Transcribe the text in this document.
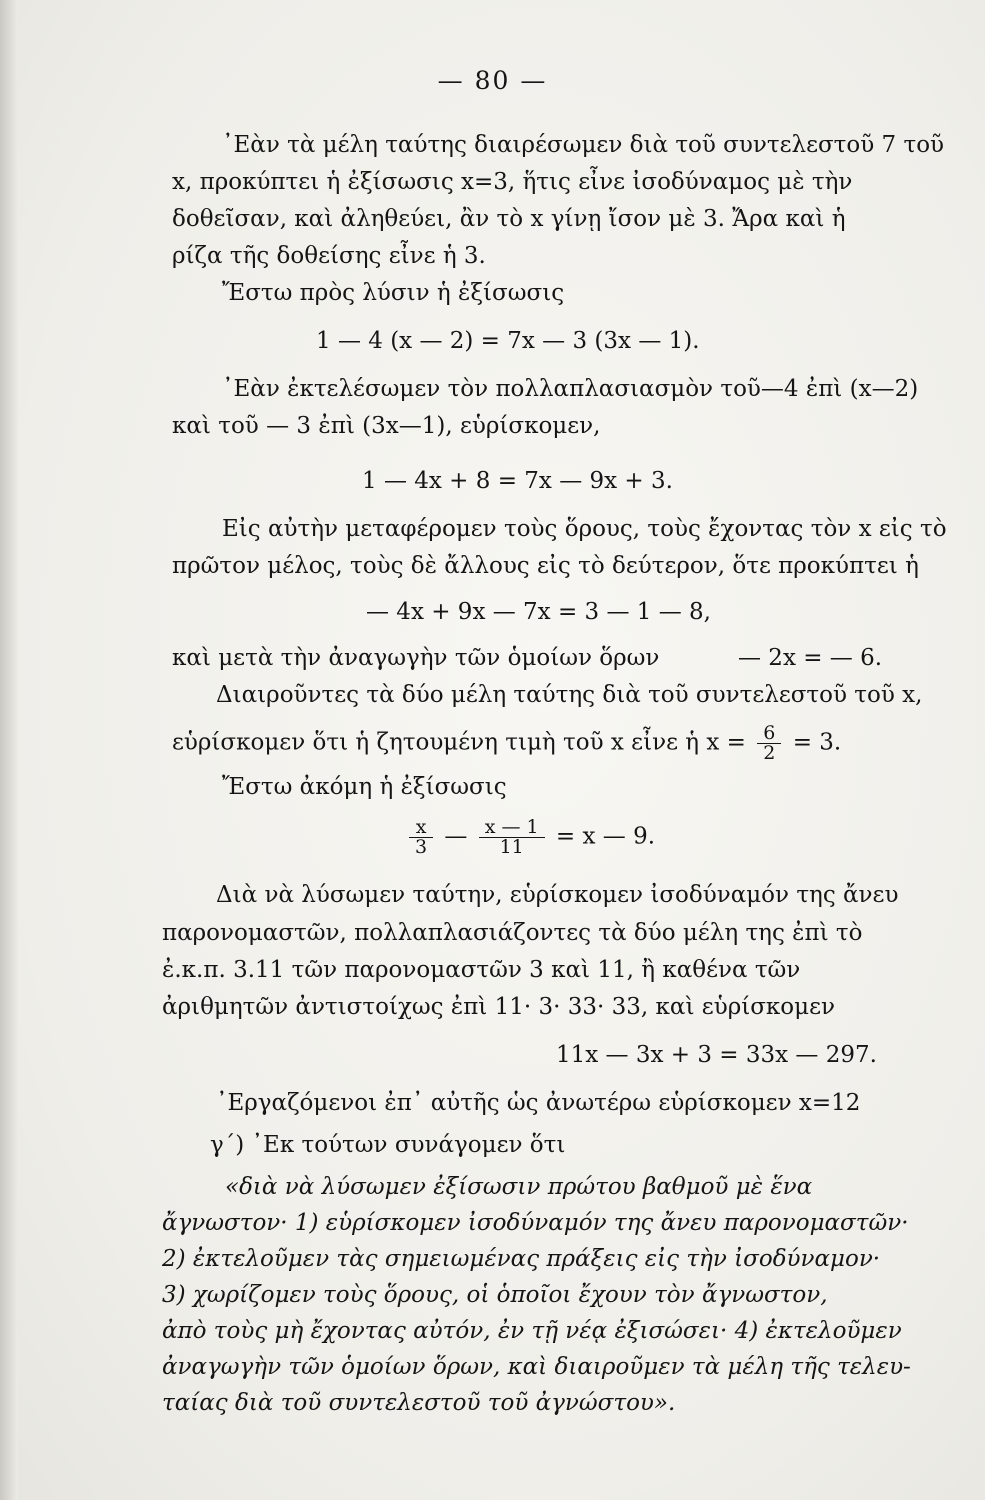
— 80 —
᾿Εὰν τὰ μέλη ταύτης διαιρέσωμεν διὰ τοῦ συντελεστοῦ 7 τοῦ
x, προκύπτει ἡ ἐξίσωσις x=3, ἥτις εἶνε ἰσοδύναμος μὲ τὴν
δοθεῖσαν, καὶ ἀληθεύει, ἂν τὸ x γίνῃ ἴσον μὲ 3. Ἄρα καὶ ἡ
ρίζα τῆς δοθείσης εἶνε ἡ 3.
Ἔστω πρὸς λύσιν ἡ ἐξίσωσις
1 — 4 (x — 2) = 7x — 3 (3x — 1).
᾿Εὰν ἐκτελέσωμεν τὸν πολλαπλασιασμὸν τοῦ—4 ἐπὶ (x—2)
καὶ τοῦ — 3 ἐπὶ (3x—1), εὑρίσκομεν,
1 — 4x + 8 = 7x — 9x + 3.
Εἰς αὐτὴν μεταφέρομεν τοὺς ὅρους, τοὺς ἔχοντας τὸν x εἰς τὸ
πρῶτον μέλος, τοὺς δὲ ἄλλους εἰς τὸ δεύτερον, ὅτε προκύπτει ἡ
— 4x + 9x — 7x = 3 — 1 — 8,
καὶ μετὰ τὴν ἀναγωγὴν τῶν ὁμοίων ὅρων	— 2x = — 6.
Διαιροῦντες τὰ δύο μέλη ταύτης διὰ τοῦ συντελεστοῦ τοῦ x,
εὑρίσκομεν ὅτι ἡ ζητουμένη τιμὴ τοῦ x εἶνε ἡ $x = \frac{6}{2} = 3$.
Ἔστω ἀκόμη ἡ ἐξίσωσις
$\frac{x}{3}$ — $\frac{x — 1}{11} = x$ — 9.
Διὰ νὰ λύσωμεν ταύτην, εὑρίσκομεν ἰσοδύναμόν της ἄνευ
παρονομαστῶν, πολλαπλασιάζοντες τὰ δύο μέλη της ἐπὶ τὸ
ἐ.κ.π. 3.11 τῶν παρονομαστῶν 3 καὶ 11, ἢ καθένα τῶν
ἀριθμητῶν ἀντιστοίχως ἐπὶ 11· 3· 33· 33, καὶ εὑρίσκομεν
11x — 3x + 3 = 33x — 297.
᾿Εργαζόμενοι ἐπ᾿ αὐτῆς ὡς ἀνωτέρω εὑρίσκομεν x=12
γ´) ᾿Εκ τούτων συνάγομεν ὅτι
«διὰ νὰ λύσωμεν ἐξίσωσιν πρώτου βαθμοῦ μὲ ἕνα
ἄγνωστον· 1) εὑρίσκομεν ἰσοδύναμόν της ἄνευ παρονομαστῶν·
2) ἐκτελοῦμεν τὰς σημειωμένας πράξεις εἰς τὴν ἰσοδύναμον·
3) χωρίζομεν τοὺς ὅρους, οἱ ὁποῖοι ἔχουν τὸν ἄγνωστον,
ἀπὸ τοὺς μὴ ἔχοντας αὐτόν, ἐν τῇ νέᾳ ἐξισώσει· 4) ἐκτελοῦμεν
ἀναγωγὴν τῶν ὁμοίων ὅρων, καὶ διαιροῦμεν τὰ μέλη τῆς τελευ-
ταίας διὰ τοῦ συντελεστοῦ τοῦ ἀγνώστου».
